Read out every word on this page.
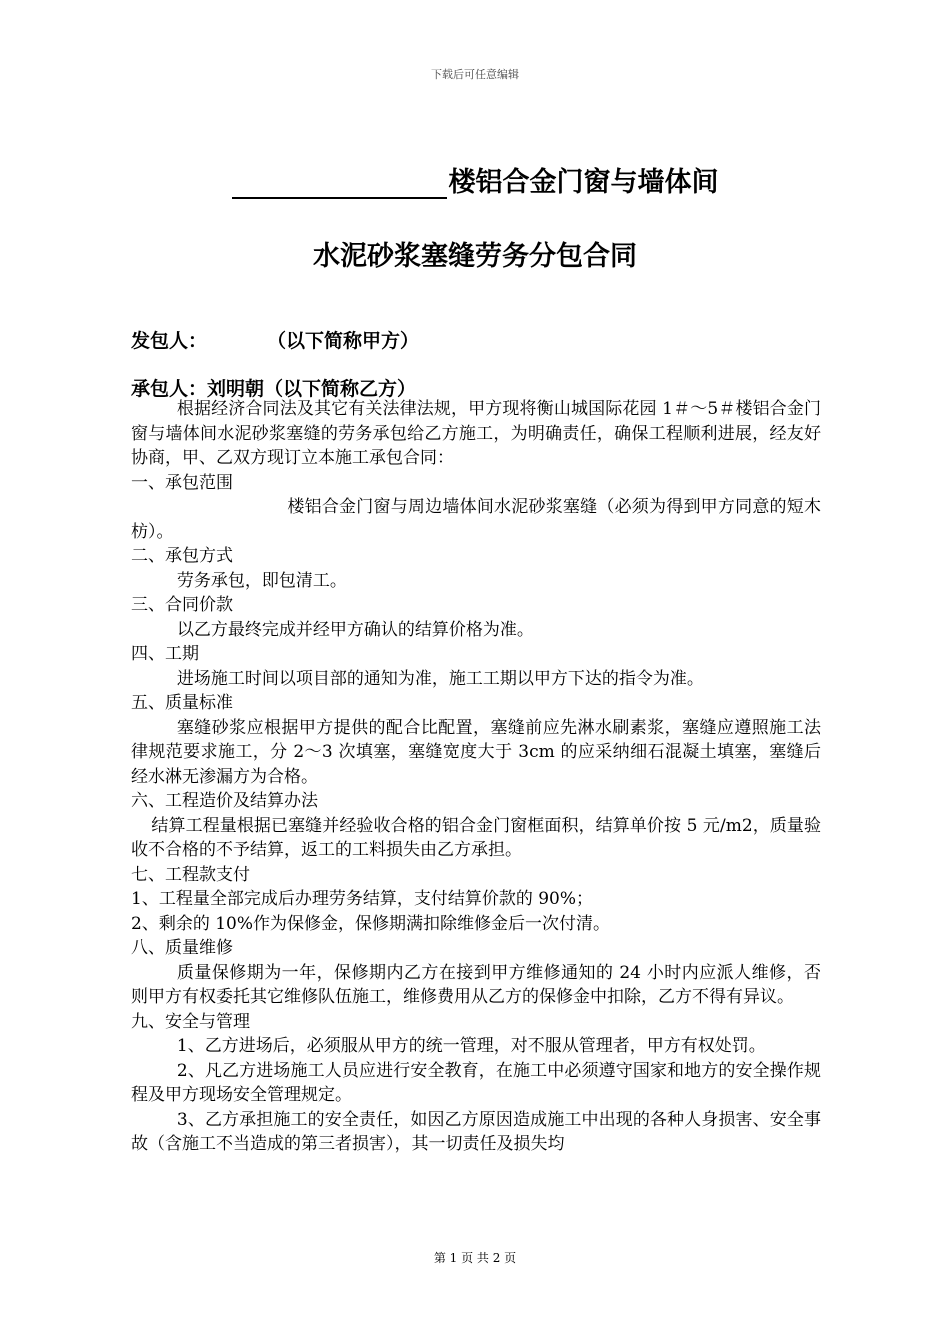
下载后可任意编辑
楼铝合金门窗与墙体间
水泥砂浆塞缝劳务分包合同
发包人：	（以下简称甲方）
承包人：刘明朝（以下简称乙方）

根据经济合同法及其它有关法律法规，甲方现将衡山城国际花园 1＃～5＃楼铝合金门窗与墙体间水泥砂浆塞缝的劳务承包给乙方施工，为明确责任，确保工程顺利进展，经友好协商，甲、乙双方现订立本施工承包合同：

一、承包范围

楼铝合金门窗与周边墙体间水泥砂浆塞缝（必须为得到甲方同意的短木枋）。

二、承包方式

劳务承包，即包清工。

三、合同价款

以乙方最终完成并经甲方确认的结算价格为准。

四、工期

进场施工时间以项目部的通知为准，施工工期以甲方下达的指令为准。

五、质量标准

塞缝砂浆应根据甲方提供的配合比配置，塞缝前应先淋水刷素浆，塞缝应遵照施工法律规范要求施工，分 2～3 次填塞，塞缝宽度大于 3cm 的应采纳细石混凝土填塞，塞缝后经水淋无渗漏方为合格。

六、工程造价及结算办法

结算工程量根据已塞缝并经验收合格的铝合金门窗框面积，结算单价按 5 元/m2，质量验收不合格的不予结算，返工的工料损失由乙方承担。

七、工程款支付

1、工程量全部完成后办理劳务结算，支付结算价款的 90%；

2、剩余的 10%作为保修金，保修期满扣除维修金后一次付清。

八、质量维修

质量保修期为一年，保修期内乙方在接到甲方维修通知的 24 小时内应派人维修，否则甲方有权委托其它维修队伍施工，维修费用从乙方的保修金中扣除，乙方不得有异议。

九、安全与管理

1、乙方进场后，必须服从甲方的统一管理，对不服从管理者，甲方有权处罚。

2、凡乙方进场施工人员应进行安全教育，在施工中必须遵守国家和地方的安全操作规程及甲方现场安全管理规定。

3、乙方承担施工的安全责任，如因乙方原因造成施工中出现的各种人身损害、安全事故（含施工不当造成的第三者损害），其一切责任及损失均

第 1 页 共 2 页
